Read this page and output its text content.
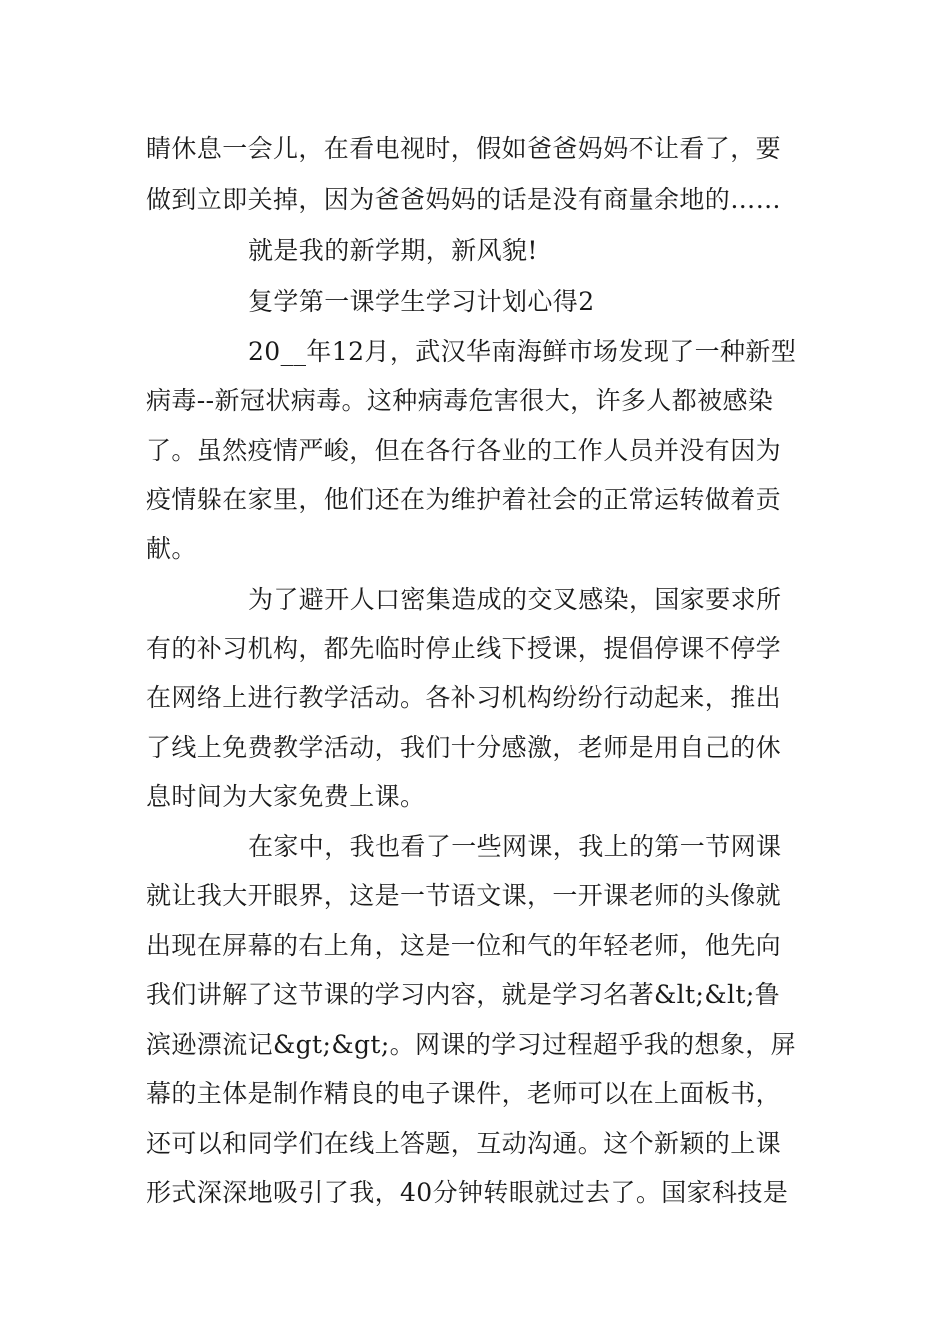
睛休息一会儿，在看电视时，假如爸爸妈妈不让看了，要

做到立即关掉，因为爸爸妈妈的话是没有商量余地的……

就是我的新学期，新风貌!

复学第一课学生学习计划心得2

20__年12月，武汉华南海鲜市场发现了一种新型

病毒--新冠状病毒。这种病毒危害很大，许多人都被感染

了。虽然疫情严峻，但在各行各业的工作人员并没有因为

疫情躲在家里，他们还在为维护着社会的正常运转做着贡

献。

为了避开人口密集造成的交叉感染，国家要求所

有的补习机构，都先临时停止线下授课，提倡停课不停学

在网络上进行教学活动。各补习机构纷纷行动起来，推出

了线上免费教学活动，我们十分感激，老师是用自己的休

息时间为大家免费上课。

在家中，我也看了一些网课，我上的第一节网课

就让我大开眼界，这是一节语文课，一开课老师的头像就

出现在屏幕的右上角，这是一位和气的年轻老师，他先向

我们讲解了这节课的学习内容，就是学习名著&lt;&lt;鲁

滨逊漂流记&gt;&gt;。网课的学习过程超乎我的想象，屏

幕的主体是制作精良的电子课件，老师可以在上面板书，

还可以和同学们在线上答题，互动沟通。这个新颖的上课

形式深深地吸引了我，40分钟转眼就过去了。国家科技是
